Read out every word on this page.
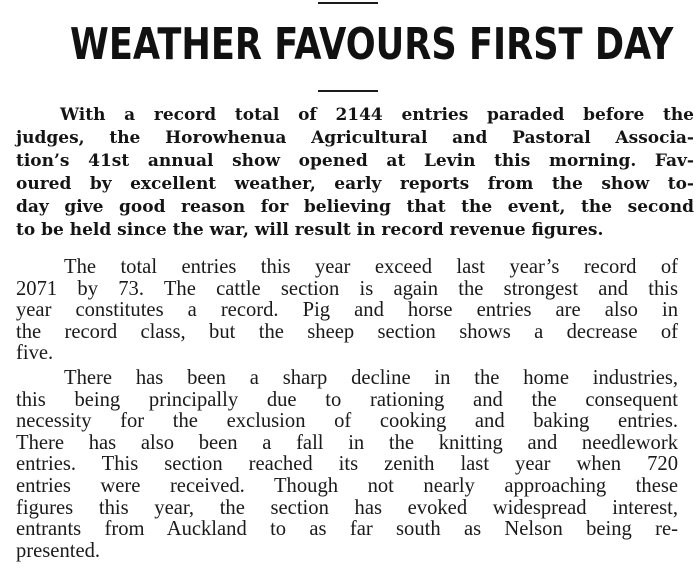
WEATHER FAVOURS FIRST DAY
With a record total of 2144 entries paraded before the
judges, the Horowhenua Agricultural and Pastoral Associa-
tion’s 41st annual show opened at Levin this morning. Fav-
oured by excellent weather, early reports from the show to-
day give good reason for believing that the event, the second
to be held since the war, will result in record revenue figures.
The total entries this year exceed last year’s record of
2071 by 73. The cattle section is again the strongest and this
year constitutes a record. Pig and horse entries are also in
the record class, but the sheep section shows a decrease of
five.
There has been a sharp decline in the home industries,
this being principally due to rationing and the consequent
necessity for the exclusion of cooking and baking entries.
There has also been a fall in the knitting and needlework
entries. This section reached its zenith last year when 720
entries were received. Though not nearly approaching these
figures this year, the section has evoked widespread interest,
entrants from Auckland to as far south as Nelson being re-
presented.
